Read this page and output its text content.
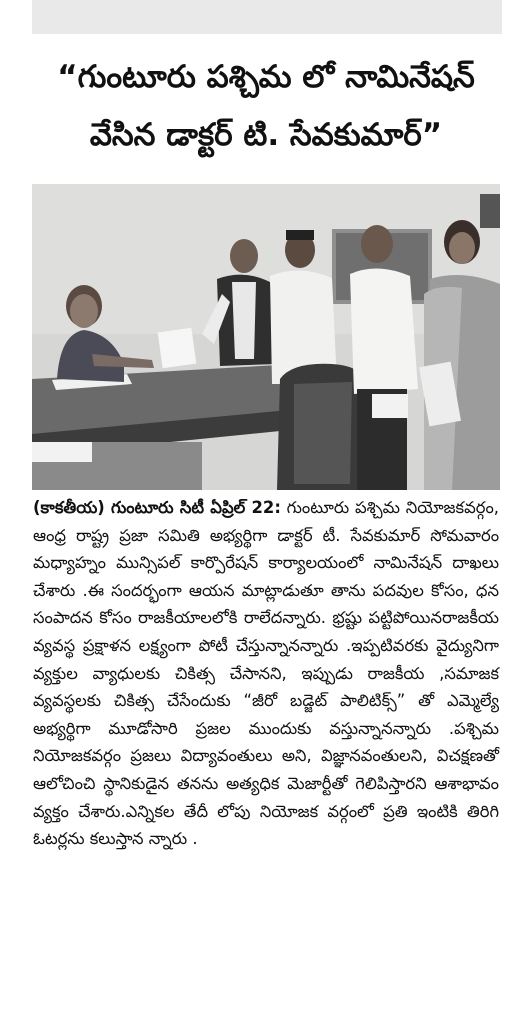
“గుంటూరు పశ్చిమ లో నామినేషన్
వేసిన డాక్టర్ టి. సేవకుమార్”
(కాకతీయ) గుంటూరు సిటీ ఏప్రిల్ 22: గుంటూరు పశ్చిమ నియోజకవర్గం, ఆంధ్ర రాష్ట్ర ప్రజా సమితి అభ్యర్థిగా డాక్టర్ టీ. సేవకుమార్ సోమవారం మధ్యాహ్నం మున్సిపల్ కార్పొరేషన్ కార్యాలయంలో నామినేషన్ దాఖలు చేశారు .ఈ సందర్భంగా ఆయన మాట్లాడుతూ తాను పదవుల కోసం, ధన సంపాదన కోసం రాజకీయాలలోకి రాలేదన్నారు. భ్రష్టు పట్టిపోయినరాజకీయ వ్యవస్థ ప్రక్షాళన లక్ష్యంగా పోటీ చేస్తున్నానన్నారు .ఇప్పటివరకు వైద్యునిగా వ్యక్తుల వ్యాధులకు చికిత్స చేసానని, ఇప్పుడు రాజకీయ ,సమాజక వ్యవస్థలకు చికిత్స చేసేందుకు “జీరో బడ్జెట్ పాలిటిక్స్” తో ఎమ్మెల్యే అభ్యర్థిగా మూడోసారి ప్రజల ముందుకు వస్తున్నానన్నారు .పశ్చిమ నియోజకవర్గం ప్రజలు విద్యావంతులు అని, విజ్ఞానవంతులని, విచక్షణతో ఆలోచించి స్థానికుడైన తనను అత్యధిక మెజార్టీతో గెలిపిస్తారని ఆశాభావం వ్యక్తం చేశారు.ఎన్నికల తేదీ లోపు నియోజక వర్గంలో ప్రతి ఇంటికి తిరిగి ఓటర్లను కలుస్తాన న్నారు .
